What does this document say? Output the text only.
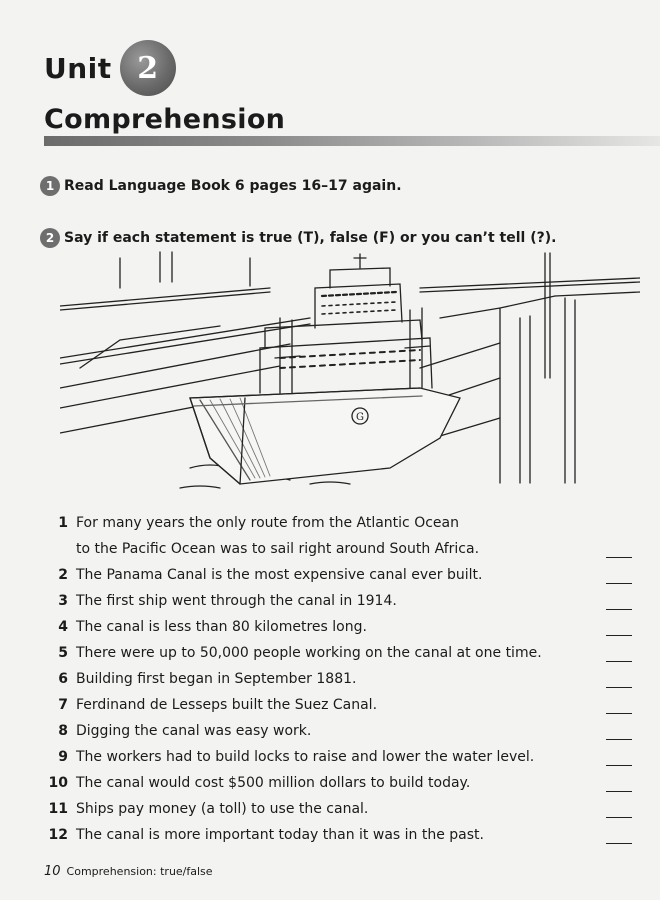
Unit 2
Comprehension
1 Read Language Book 6 pages 16–17 again.
2 Say if each statement is true (T), false (F) or you can’t tell (?).
G
1 For many years the only route from the Atlantic Ocean
to the Pacific Ocean was to sail right around South Africa.
2 The Panama Canal is the most expensive canal ever built.
3 The first ship went through the canal in 1914.
4 The canal is less than 80 kilometres long.
5 There were up to 50,000 people working on the canal at one time.
6 Building first began in September 1881.
7 Ferdinand de Lesseps built the Suez Canal.
8 Digging the canal was easy work.
9 The workers had to build locks to raise and lower the water level.
10 The canal would cost $500 million dollars to build today.
11 Ships pay money (a toll) to use the canal.
12 The canal is more important today than it was in the past.
10 Comprehension: true/false
